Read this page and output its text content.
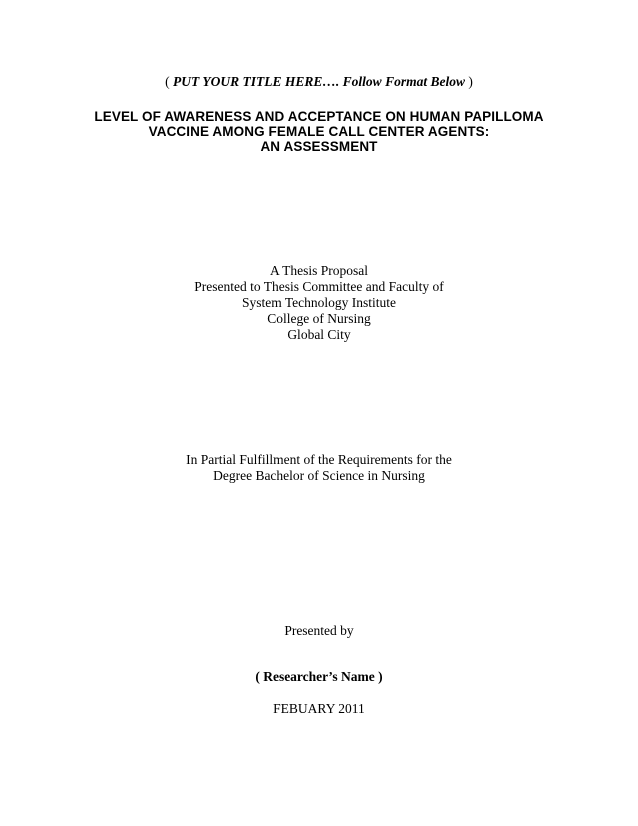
( PUT YOUR TITLE HERE…. Follow Format Below )
LEVEL OF AWARENESS AND ACCEPTANCE ON HUMAN PAPILLOMA
VACCINE AMONG FEMALE CALL CENTER AGENTS:
AN ASSESSMENT
A Thesis Proposal
Presented to Thesis Committee and Faculty of
System Technology Institute
College of Nursing
Global City
In Partial Fulfillment of the Requirements for the
Degree Bachelor of Science in Nursing
Presented by
( Researcher’s Name )
FEBUARY 2011
